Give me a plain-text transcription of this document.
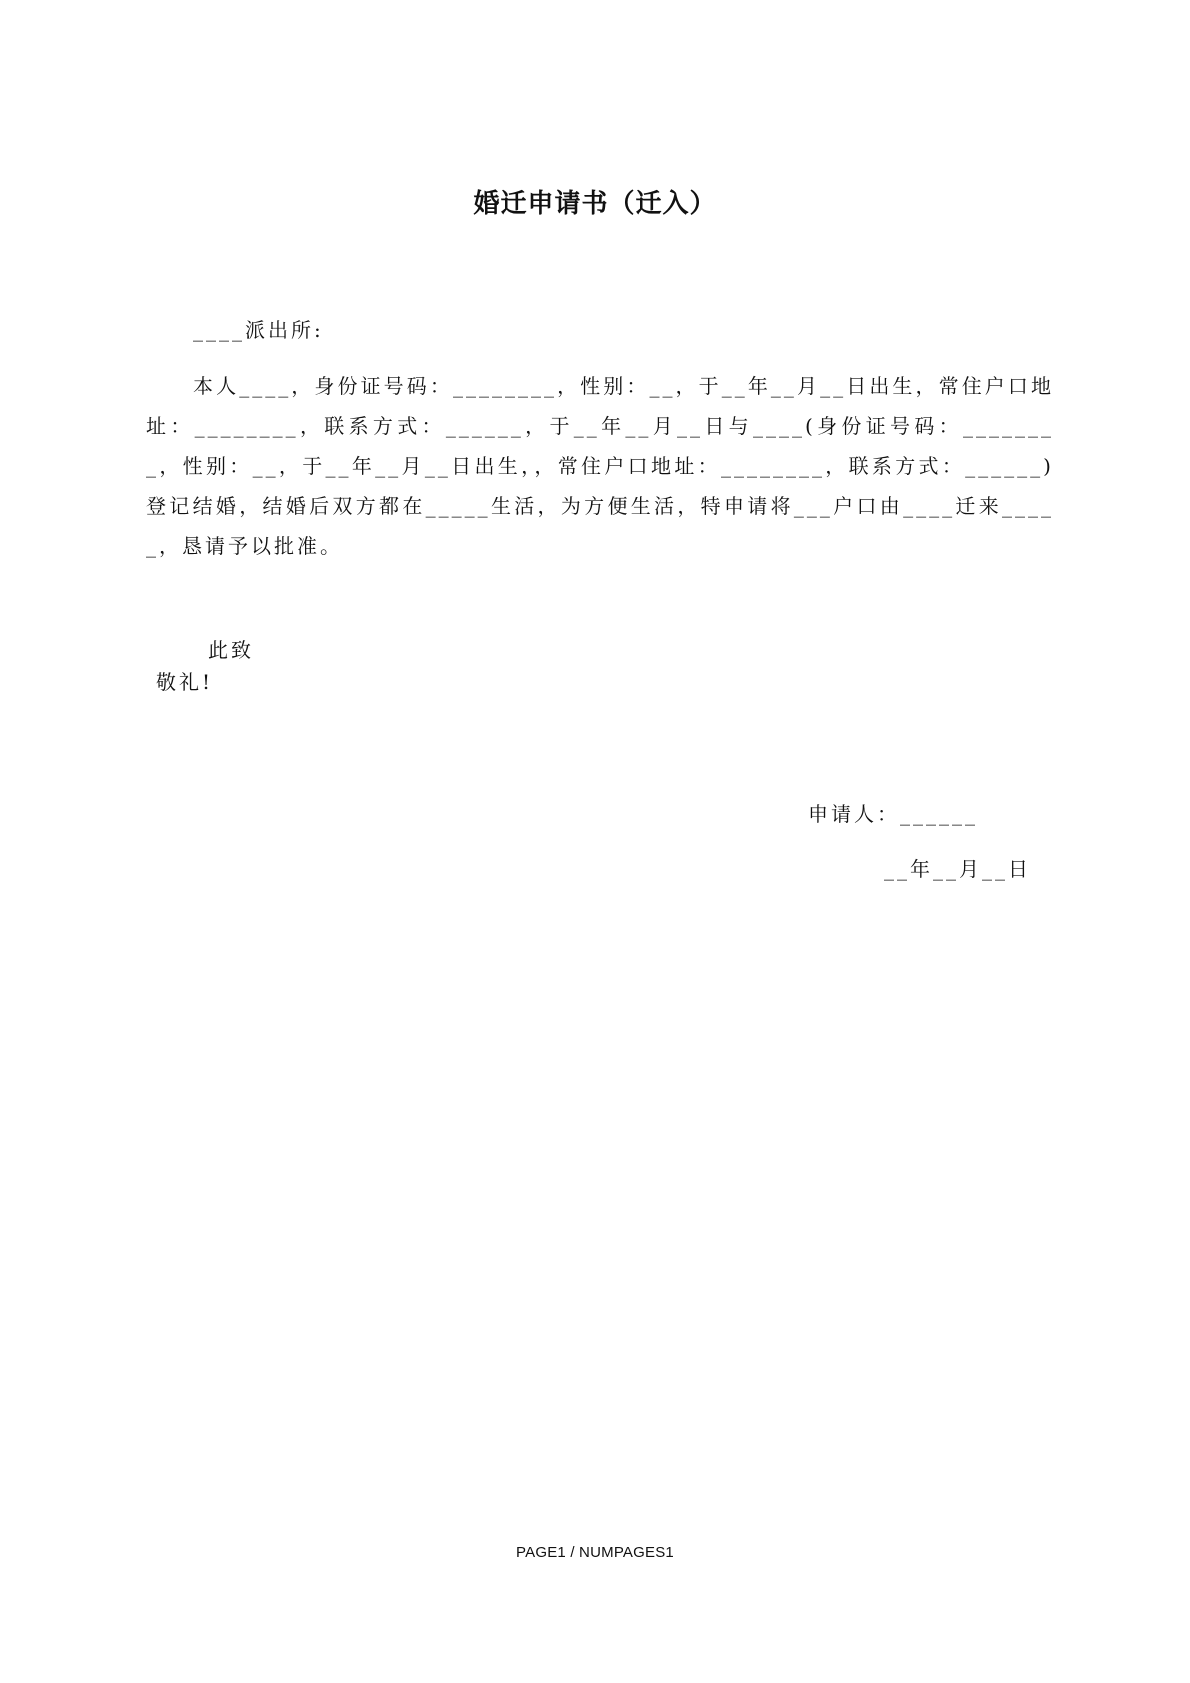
婚迁申请书（迁入）
____派出所:

本人____，身份证号码：________，性别：__，于__年__月__日出生，常住户口地址：________，联系方式：______，于__年__月__日与____(身份证号码：________，性别：__，于__年__月__日出生，，常住户口地址：________，联系方式：______)登记结婚，结婚后双方都在_____生活，为方便生活，特申请将___户口由____迁来_____，恳请予以批准。

此致
敬礼!
申请人：______
__年__月__日
PAGE1 / NUMPAGES1
